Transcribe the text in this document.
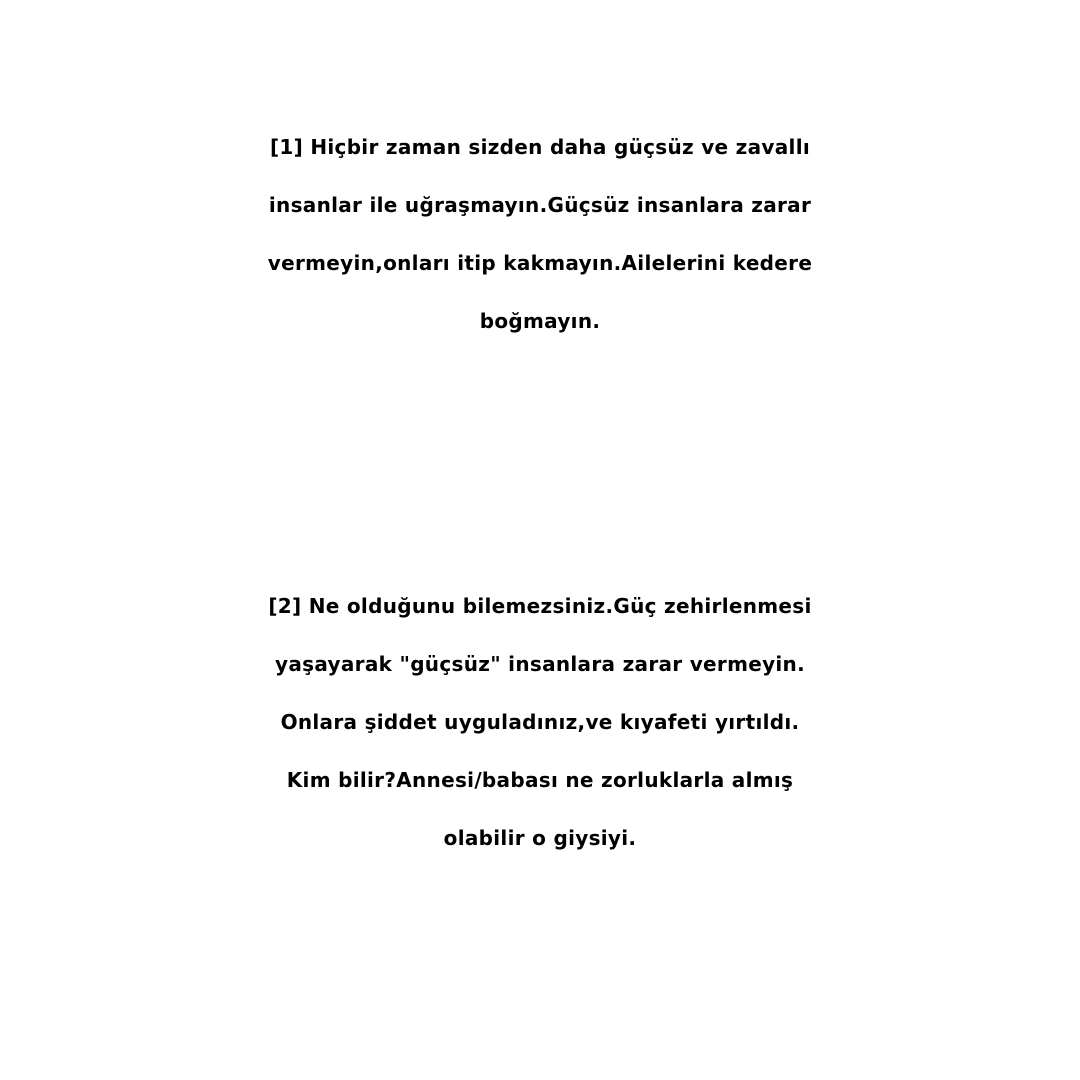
[1] Hiçbir zaman sizden daha güçsüz ve zavallı
insanlar ile uğraşmayın.Güçsüz insanlara zarar
vermeyin,onları itip kakmayın.Ailelerini kedere
boğmayın.
[2] Ne olduğunu bilemezsiniz.Güç zehirlenmesi
yaşayarak "güçsüz" insanlara zarar vermeyin.
Onlara şiddet uyguladınız,ve kıyafeti yırtıldı.
Kim bilir?Annesi/babası ne zorluklarla almış
olabilir o giysiyi.
